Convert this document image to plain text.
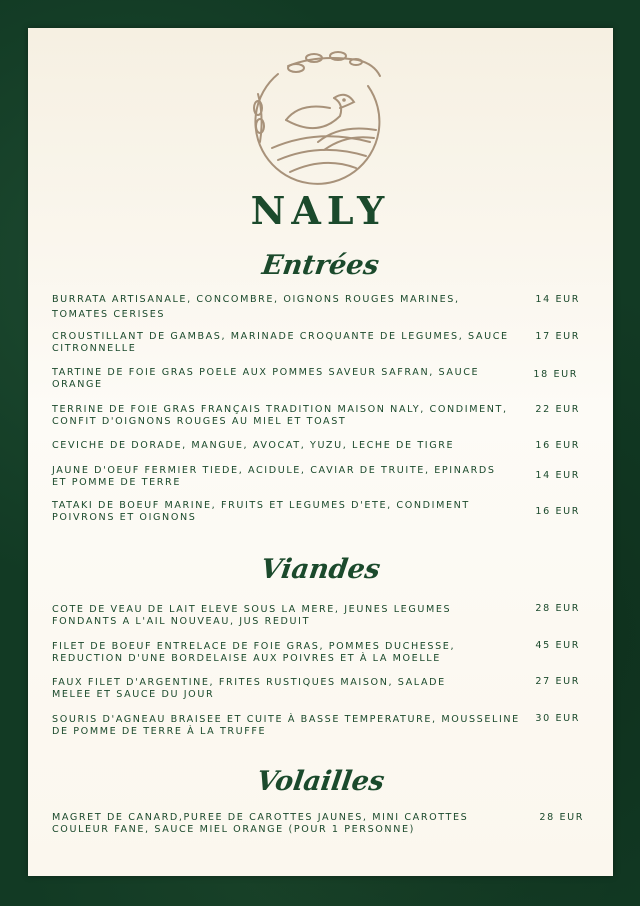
NALY
Entrées
BURRATA ARTISANALE, CONCOMBRE, OIGNONS ROUGES MARINES,
TOMATES CERISES
14 EUR
CROUSTILLANT DE GAMBAS, MARINADE CROQUANTE DE LEGUMES, SAUCE
CITRONNELLE
17 EUR
TARTINE DE FOIE GRAS POELE AUX POMMES SAVEUR SAFRAN, SAUCE
ORANGE
18 EUR
TERRINE DE FOIE GRAS FRANÇAIS TRADITION MAISON NALY, CONDIMENT,
CONFIT D'OIGNONS ROUGES AU MIEL ET TOAST
22 EUR
CEVICHE DE DORADE, MANGUE, AVOCAT, YUZU, LECHE DE TIGRE	16 EUR
JAUNE D'OEUF FERMIER TIEDE, ACIDULE, CAVIAR DE TRUITE, EPINARDS
ET POMME DE TERRE
14 EUR
TATAKI DE BOEUF MARINE, FRUITS ET LEGUMES D'ETE, CONDIMENT
POIVRONS ET OIGNONS
16 EUR
Viandes
COTE DE VEAU DE LAIT ELEVE SOUS LA MERE, JEUNES LEGUMES
FONDANTS A L'AIL NOUVEAU, JUS REDUIT
28 EUR
FILET DE BOEUF ENTRELACE DE FOIE GRAS, POMMES DUCHESSE,
REDUCTION D'UNE BORDELAISE AUX POIVRES ET À LA MOELLE
45 EUR
FAUX FILET D'ARGENTINE, FRITES RUSTIQUES MAISON, SALADE
MELEE ET SAUCE DU JOUR
27 EUR
SOURIS D'AGNEAU BRAISEE ET CUITE À BASSE TEMPERATURE, MOUSSELINE
DE POMME DE TERRE À LA TRUFFE
30 EUR
Volailles
MAGRET DE CANARD,PUREE DE CAROTTES JAUNES, MINI CAROTTES
COULEUR FANE, SAUCE MIEL ORANGE (POUR 1 PERSONNE)
28 EUR
